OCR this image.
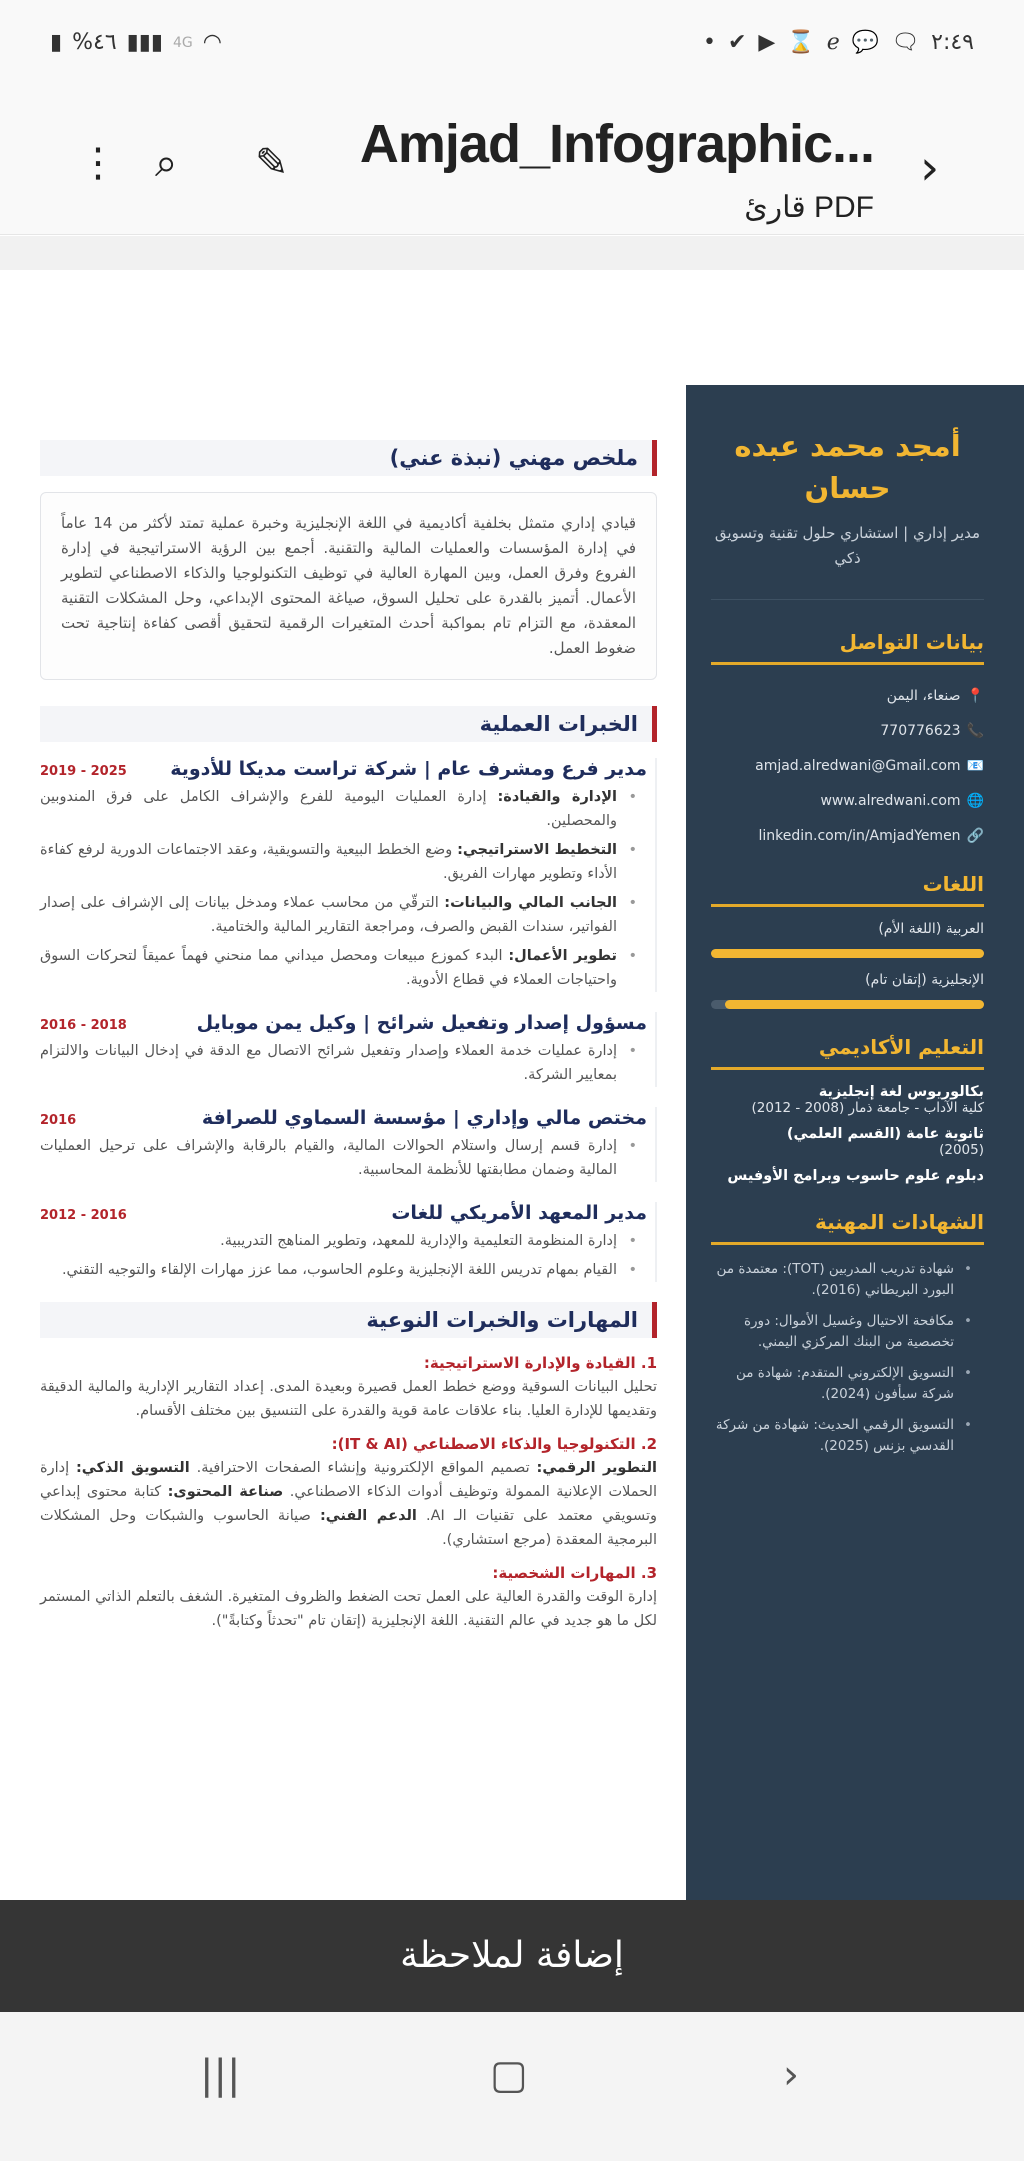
▮ %٤٦ ▮▮▮ 4G ◠	• ✔ ▶ ⌛ ℯ 💬 🗨 ٢:٤٩
⋮ ⌕ ✎ Amjad_Infographic...
قارئ PDF
›
أمجد محمد عبده حسان
مدير إداري | استشاري حلول تقنية وتسويق ذكي
بيانات التواصل
📍صنعاء، اليمن
📞770776623
📧amjad.alredwani@Gmail.com
🌐www.alredwani.com
🔗linkedin.com/in/AmjadYemen
اللغات
العربية (اللغة الأم)
الإنجليزية (إتقان تام)
التعليم الأكاديمي
بكالوريوس لغة إنجليزية
كلية الآداب - جامعة ذمار (2008 - 2012)
ثانوية عامة (القسم العلمي)
(2005)
دبلوم علوم حاسوب وبرامج الأوفيس
الشهادات المهنية
• شهادة تدريب المدربين (TOT): معتمدة من البورد البريطاني (2016).
• مكافحة الاحتيال وغسيل الأموال: دورة تخصصية من البنك المركزي اليمني.
• التسويق الإلكتروني المتقدم: شهادة من شركة سبأفون (2024).
• التسويق الرقمي الحديث: شهادة من شركة القدسي بزنس (2025).
ملخص مهني (نبذة عني)
قيادي إداري متمثل بخلفية أكاديمية في اللغة الإنجليزية وخبرة عملية تمتد لأكثر من 14 عاماً في إدارة المؤسسات والعمليات المالية والتقنية. أجمع بين الرؤية الاستراتيجية في إدارة الفروع وفرق العمل، وبين المهارة العالية في توظيف التكنولوجيا والذكاء الاصطناعي لتطوير الأعمال. أتميز بالقدرة على تحليل السوق، صياغة المحتوى الإبداعي، وحل المشكلات التقنية المعقدة، مع التزام تام بمواكبة أحدث المتغيرات الرقمية لتحقيق أقصى كفاءة إنتاجية تحت ضغوط العمل.
الخبرات العملية
مدير فرع ومشرف عام | شركة تراست مديكا للأدوية
2019 - 2025
• الإدارة والقيادة: إدارة العمليات اليومية للفرع والإشراف الكامل على فرق المندوبين والمحصلين.
• التخطيط الاستراتيجي: وضع الخطط البيعية والتسويقية، وعقد الاجتماعات الدورية لرفع كفاءة الأداء وتطوير مهارات الفريق.
• الجانب المالي والبيانات: الترقّي من محاسب عملاء ومدخل بيانات إلى الإشراف على إصدار الفواتير، سندات القبض والصرف، ومراجعة التقارير المالية والختامية.
• تطوير الأعمال: البدء كموزع مبيعات ومحصل ميداني مما منحني فهماً عميقاً لتحركات السوق واحتياجات العملاء في قطاع الأدوية.
مسؤول إصدار وتفعيل شرائح | وكيل يمن موبايل
2016 - 2018
• إدارة عمليات خدمة العملاء وإصدار وتفعيل شرائح الاتصال مع الدقة في إدخال البيانات والالتزام بمعايير الشركة.
مختص مالي وإداري | مؤسسة السماوي للصرافة
2016
• إدارة قسم إرسال واستلام الحوالات المالية، والقيام بالرقابة والإشراف على ترحيل العمليات المالية وضمان مطابقتها للأنظمة المحاسبية.
مدير المعهد الأمريكي للغات
2012 - 2016
• إدارة المنظومة التعليمية والإدارية للمعهد، وتطوير المناهج التدريبية.
• القيام بمهام تدريس اللغة الإنجليزية وعلوم الحاسوب، مما عزز مهارات الإلقاء والتوجيه التقني.
المهارات والخبرات النوعية
1. القيادة والإدارة الاستراتيجية:

تحليل البيانات السوقية ووضع خطط العمل قصيرة وبعيدة المدى. إعداد التقارير الإدارية والمالية الدقيقة وتقديمها للإدارة العليا. بناء علاقات عامة قوية والقدرة على التنسيق بين مختلف الأقسام.

2. التكنولوجيا والذكاء الاصطناعي (IT & AI):

التطوير الرقمي: تصميم المواقع الإلكترونية وإنشاء الصفحات الاحترافية. التسويق الذكي: إدارة الحملات الإعلانية الممولة وتوظيف أدوات الذكاء الاصطناعي. صناعة المحتوى: كتابة محتوى إبداعي وتسويقي معتمد على تقنيات الـ AI. الدعم الفني: صيانة الحاسوب والشبكات وحل المشكلات البرمجية المعقدة (مرجع استشاري).

3. المهارات الشخصية:

إدارة الوقت والقدرة العالية على العمل تحت الضغط والظروف المتغيرة. الشغف بالتعلم الذاتي المستمر لكل ما هو جديد في عالم التقنية. اللغة الإنجليزية (إتقان تام "تحدثاً وكتابةً").

إضافة لملاحظة
|||	▢	›
